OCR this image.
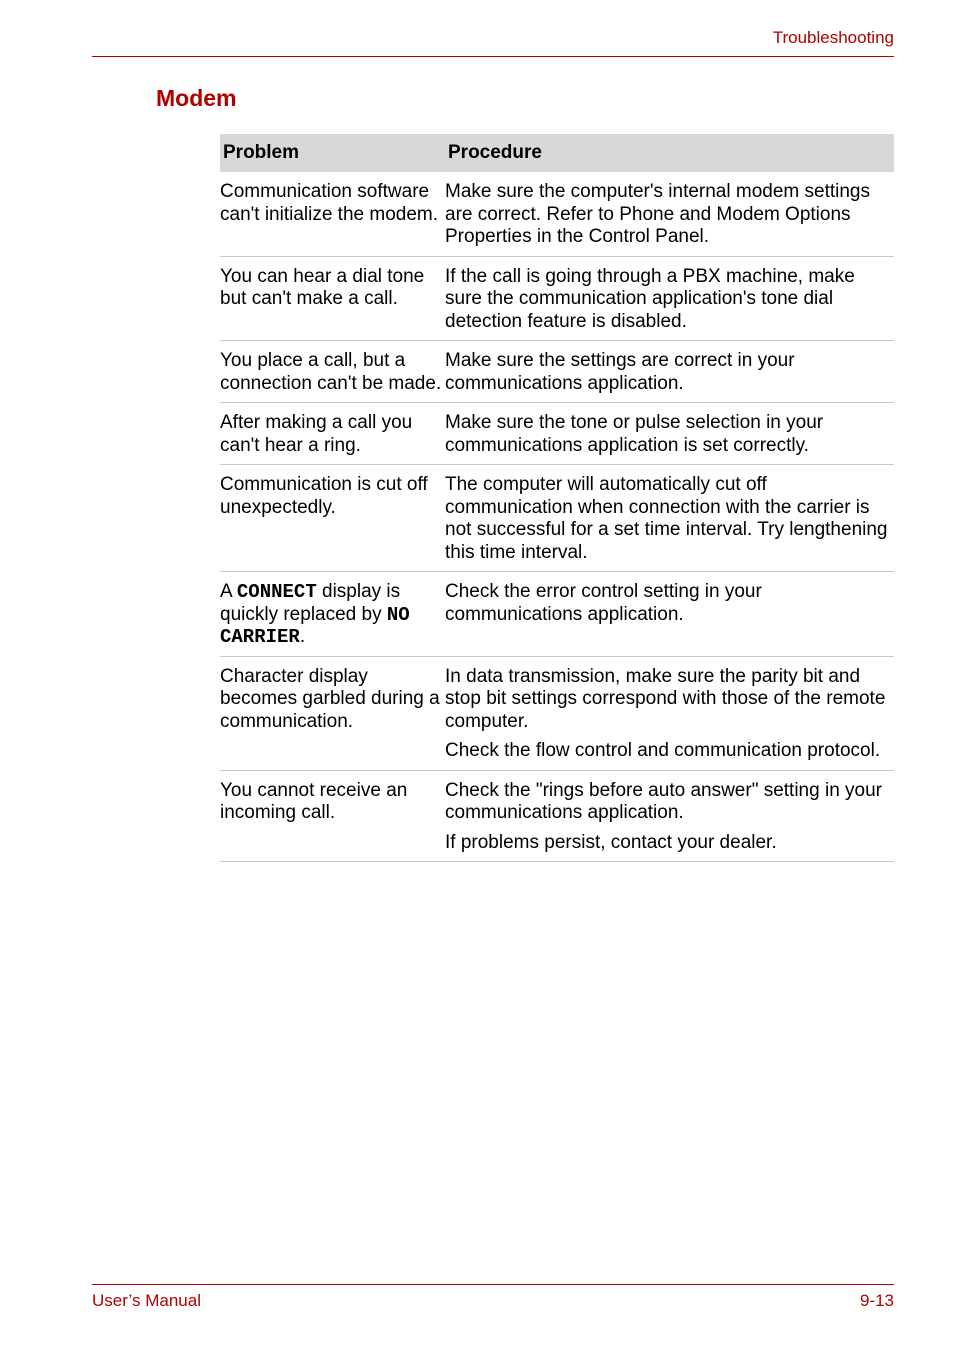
Troubleshooting
Modem
Problem	Procedure
Communication software can't initialize the modem.
Make sure the computer's internal modem settings are correct. Refer to Phone and Modem Options Properties in the Control Panel.
You can hear a dial tone but can't make a call.
If the call is going through a PBX machine, make sure the communication application's tone dial detection feature is disabled.
You place a call, but a connection can't be made.
Make sure the settings are correct in your communications application.
After making a call you can't hear a ring.
Make sure the tone or pulse selection in your communications application is set correctly.
Communication is cut off unexpectedly.
The computer will automatically cut off communication when connection with the carrier is not successful for a set time interval. Try lengthening this time interval.
A CONNECT display is quickly replaced by NO CARRIER.
Check the error control setting in your communications application.
Character display becomes garbled during a communication.
In data transmission, make sure the parity bit and stop bit settings correspond with those of the remote computer.
Check the flow control and communication protocol.
You cannot receive an incoming call.
Check the "rings before auto answer" setting in your communications application.
If problems persist, contact your dealer.
User’s Manual	9-13
